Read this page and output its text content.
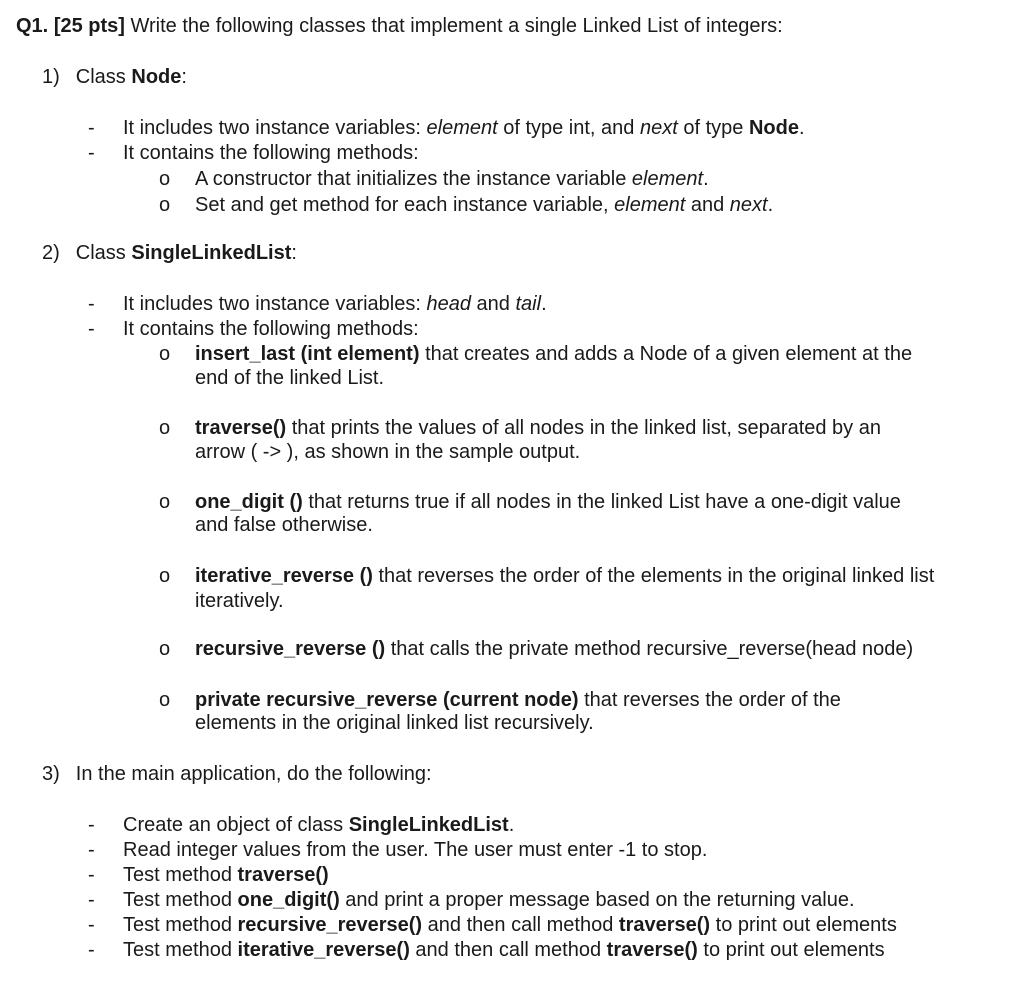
Q1. [25 pts] Write the following classes that implement a single Linked List of integers:
1) Class Node:
- It includes two instance variables: element of type int, and next of type Node.
- It contains the following methods:
o A constructor that initializes the instance variable element.
o Set and get method for each instance variable, element and next.
2) Class SingleLinkedList:
- It includes two instance variables: head and tail.
- It contains the following methods:
o insert_last (int element) that creates and adds a Node of a given element at the
end of the linked List.
o traverse() that prints the values of all nodes in the linked list, separated by an
arrow ( -> ), as shown in the sample output.
o one_digit () that returns true if all nodes in the linked List have a one-digit value
and false otherwise.
o iterative_reverse () that reverses the order of the elements in the original linked list
iteratively.
o recursive_reverse () that calls the private method recursive_reverse(head node)
o private recursive_reverse (current node) that reverses the order of the
elements in the original linked list recursively.
3) In the main application, do the following:
- Create an object of class SingleLinkedList.
- Read integer values from the user. The user must enter -1 to stop.
- Test method traverse()
- Test method one_digit() and print a proper message based on the returning value.
- Test method recursive_reverse() and then call method traverse() to print out elements
- Test method iterative_reverse() and then call method traverse() to print out elements
